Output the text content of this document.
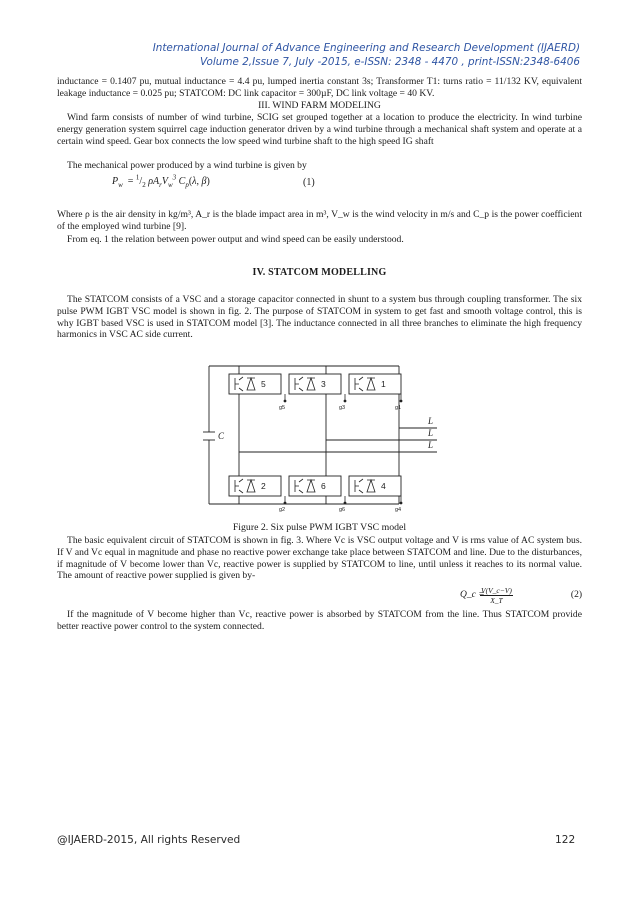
International Journal of Advance Engineering and Research Development (IJAERD)
Volume 2,Issue 7, July -2015, e-ISSN: 2348 - 4470 , print-ISSN:2348-6406

inductance = 0.1407 pu, mutual inductance = 4.4 pu, lumped inertia constant 3s; Transformer T1: turns ratio = 11/132 KV, equivalent leakage inductance = 0.025 pu; STATCOM: DC link capacitor = 300µF, DC link voltage = 40 KV.

III. WIND FARM MODELING

Wind farm consists of number of wind turbine, SCIG set grouped together at a location to produce the electricity. In wind turbine energy generation system squirrel cage induction generator driven by a wind turbine through a mechanical shaft system and operate at a certain wind speed. Gear box connects the low speed wind turbine shaft to the high speed IG shaft

The mechanical power produced by a wind turbine is given by

$P_w = ^1/_2$ $\rho A_rV_w^3$ $C_p(\lambda$, β)	(1)

Where ρ is the air density in kg/m³, A_r is the blade impact area in m³, V_w is the wind velocity in m/s and C_p is the power coefficient of the employed wind turbine [9].

From eq. 1 the relation between power output and wind speed can be easily understood.

IV. STATCOM MODELLING

The STATCOM consists of a VSC and a storage capacitor connected in shunt to a system bus through coupling transformer. The six pulse PWM IGBT VSC model is shown in fig. 2. The purpose of STATCOM in system to get fast and smooth voltage control, this is why IGBT based VSC is used in STATCOM model [3]. The inductance connected in all three branches to eliminate the high frequency harmonics in VSC AC side current.

5	3	1
2	6	4
g5	g3	g1
g2	g6	g4
C
L
L
L
Figure 2. Six pulse PWM IGBT VSC model

The basic equivalent circuit of STATCOM is shown in fig. 3. Where Vc is VSC output voltage and V is rms value of AC system bus. If V and Vc equal in magnitude and phase no reactive power exchange take place between STATCOM and line. Due to the disturbances, if magnitude of V become lower than Vc, reactive power is supplied by STATCOM to line, until unless it reaches to its normal value. The amount of reactive power supplied is given by-

Q_c =
$\frac{V(V\_c-V)}{X\_T}$	(2)

If the magnitude of V become higher than Vc, reactive power is absorbed by STATCOM from the line. Thus STATCOM provide better reactive power control to the system connected.

@IJAERD-2015, All rights Reserved	122
